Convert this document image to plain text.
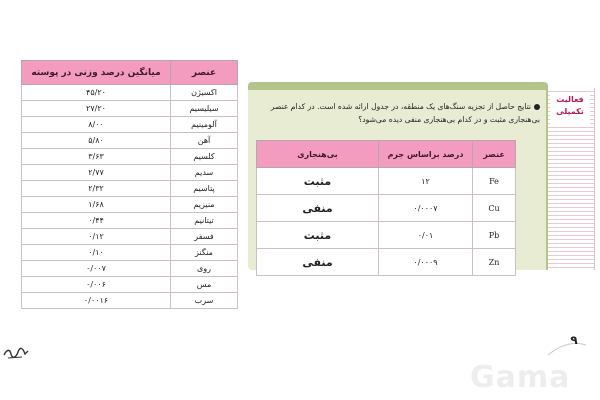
عنصر	میانگین درصد وزنی در پوسته
اکسیژن	۴۵/۲۰
سیلیسیم	۲۷/۲۰
آلومینیم	۸/۰۰
آهن	۵/۸۰
کلسیم	۳/۶۳
سدیم	۲/۷۷
پتاسیم	۲/۳۲
منیزیم	۱/۶۸
تیتانیم	۰/۴۴
فسفر	۰/۱۲
منگنز	۰/۱۰
روی	۰/۰۰۷
مس	۰/۰۰۶
سرب	۰/۰۰۱۶
فعالیت
تکمیلی
نتایج حاصل از تجزیه سنگ‌های یک منطقه، در جدول ارائه شده است. در کدام عنصر بی‌هنجاری مثبت و در کدام بی‌هنجاری منفی دیده می‌شود؟
عنصر	درصد براساس جرم	بی‌هنجاری
Fe	۱۲	مثبت
Cu	۰/۰۰۰۷	منفی
Pb	۰/۰۱	مثبت
Zn	۰/۰۰۰۹	منفی
۹
Gama
